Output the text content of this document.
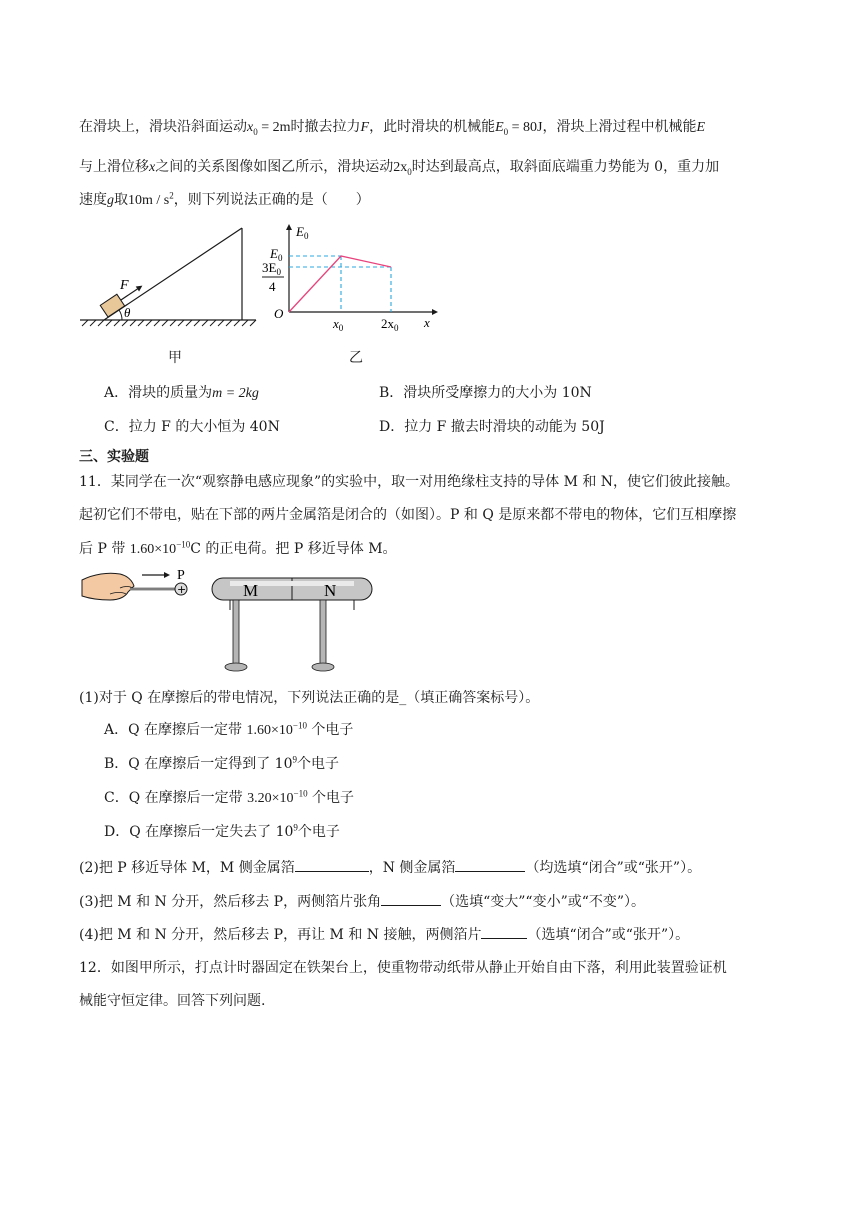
在滑块上，滑块沿斜面运动$x_0 = 2m$时撤去拉力F，此时滑块的机械能$E_0 = 80J$，滑块上滑过程中机械能E
与上滑位移x之间的关系图像如图乙所示，滑块运动$2x_0$时达到最高点，取斜面底端重力势能为 0，重力加
速度g取$10m / s^2$，则下列说法正确的是（　　）
F
θ
甲
$E_0$
$E_0$
$3E_0$
4
O
$x_0$	$2x_0$ x
乙
A．滑块的质量为m = 2kg	B．滑块所受摩擦力的大小为 10N
C．拉力 F 的大小恒为 40N	D．拉力 F 撤去时滑块的动能为 50J
三、实验题
11．某同学在一次“观察静电感应现象”的实验中，取一对用绝缘柱支持的导体 M 和 N，使它们彼此接触。
起初它们不带电，贴在下部的两片金属箔是闭合的（如图）。P 和 Q 是原来都不带电的物体，它们互相摩擦
后 P 带 $1.60\times 10^{-10}C$ 的正电荷。把 P 移近导体 M。
+
P
M	N
(1)对于 Q 在摩擦后的带电情况，下列说法正确的是_（填正确答案标号）。
A．Q 在摩擦后一定带 $1.60\times 10^{-10}$ 个电子
B．Q 在摩擦后一定得到了 $10^9$个电子
C．Q 在摩擦后一定带 $3.20\times 10^{-10}$ 个电子
D．Q 在摩擦后一定失去了 $10^9$个电子
(2)把 P 移近导体 M，M 侧金属箔	，N 侧金属箔	（均选填“闭合”或“张开”）。
(3)把 M 和 N 分开，然后移去 P，两侧箔片张角	（选填“变大”“变小”或“不变”）。
(4)把 M 和 N 分开，然后移去 P，再让 M 和 N 接触，两侧箔片	（选填“闭合”或“张开”）。
12．如图甲所示，打点计时器固定在铁架台上，使重物带动纸带从静止开始自由下落，利用此装置验证机
械能守恒定律。回答下列问题.
